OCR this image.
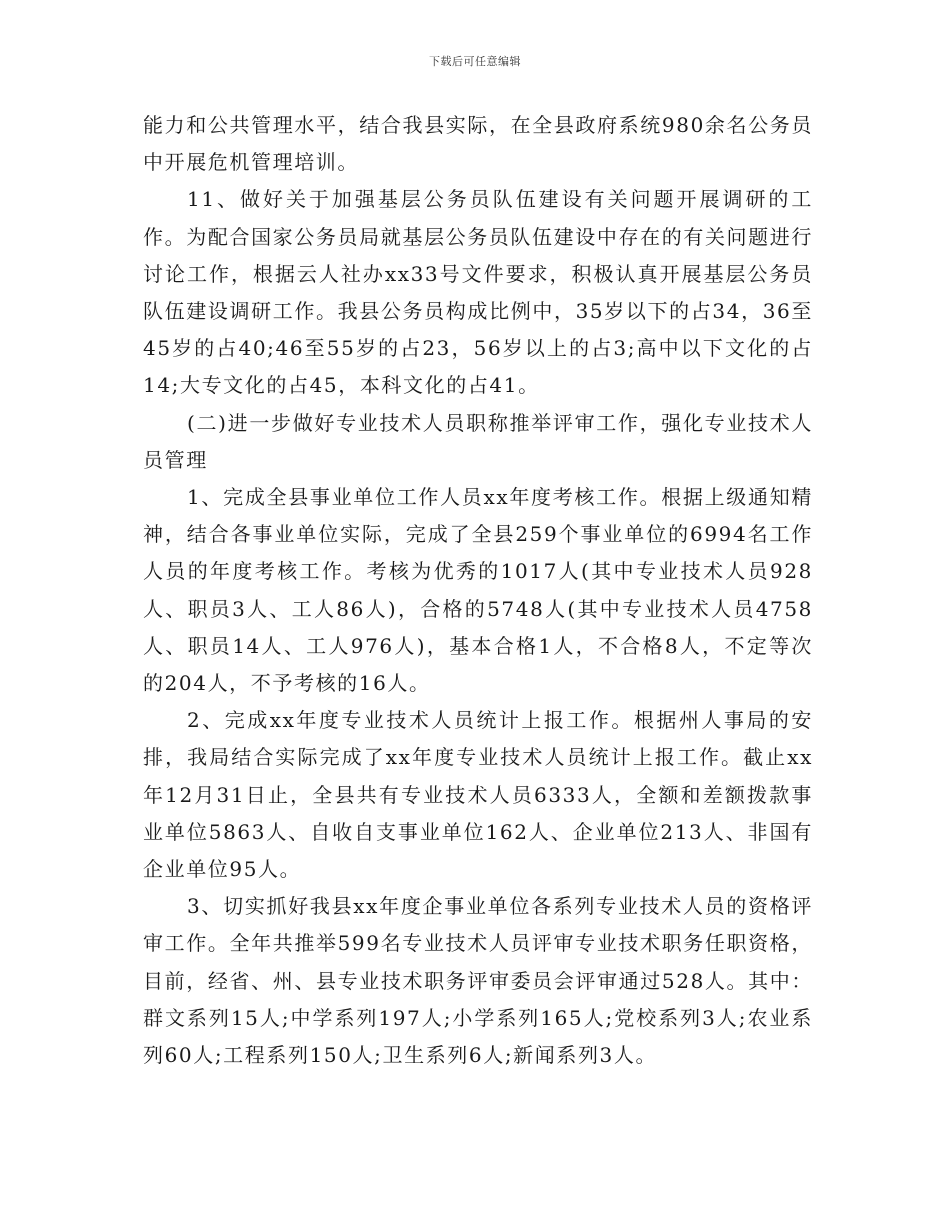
下载后可任意编辑

能力和公共管理水平，结合我县实际，在全县政府系统980余名公务员中开展危机管理培训。

11、做好关于加强基层公务员队伍建设有关问题开展调研的工作。为配合国家公务员局就基层公务员队伍建设中存在的有关问题进行讨论工作，根据云人社办xx33号文件要求，积极认真开展基层公务员队伍建设调研工作。我县公务员构成比例中，35岁以下的占34，36至45岁的占40;46至55岁的占23，56岁以上的占3;高中以下文化的占14;大专文化的占45，本科文化的占41。

(二)进一步做好专业技术人员职称推举评审工作，强化专业技术人员管理

1、完成全县事业单位工作人员xx年度考核工作。根据上级通知精神，结合各事业单位实际，完成了全县259个事业单位的6994名工作人员的年度考核工作。考核为优秀的1017人(其中专业技术人员928人、职员3人、工人86人)，合格的5748人(其中专业技术人员4758人、职员14人、工人976人)，基本合格1人，不合格8人，不定等次的204人，不予考核的16人。

2、完成xx年度专业技术人员统计上报工作。根据州人事局的安排，我局结合实际完成了xx年度专业技术人员统计上报工作。截止xx年12月31日止，全县共有专业技术人员6333人，全额和差额拨款事业单位5863人、自收自支事业单位162人、企业单位213人、非国有企业单位95人。

3、切实抓好我县xx年度企事业单位各系列专业技术人员的资格评审工作。全年共推举599名专业技术人员评审专业技术职务任职资格，目前，经省、州、县专业技术职务评审委员会评审通过528人。其中：群文系列15人;中学系列197人;小学系列165人;党校系列3人;农业系列60人;工程系列150人;卫生系列6人;新闻系列3人。
